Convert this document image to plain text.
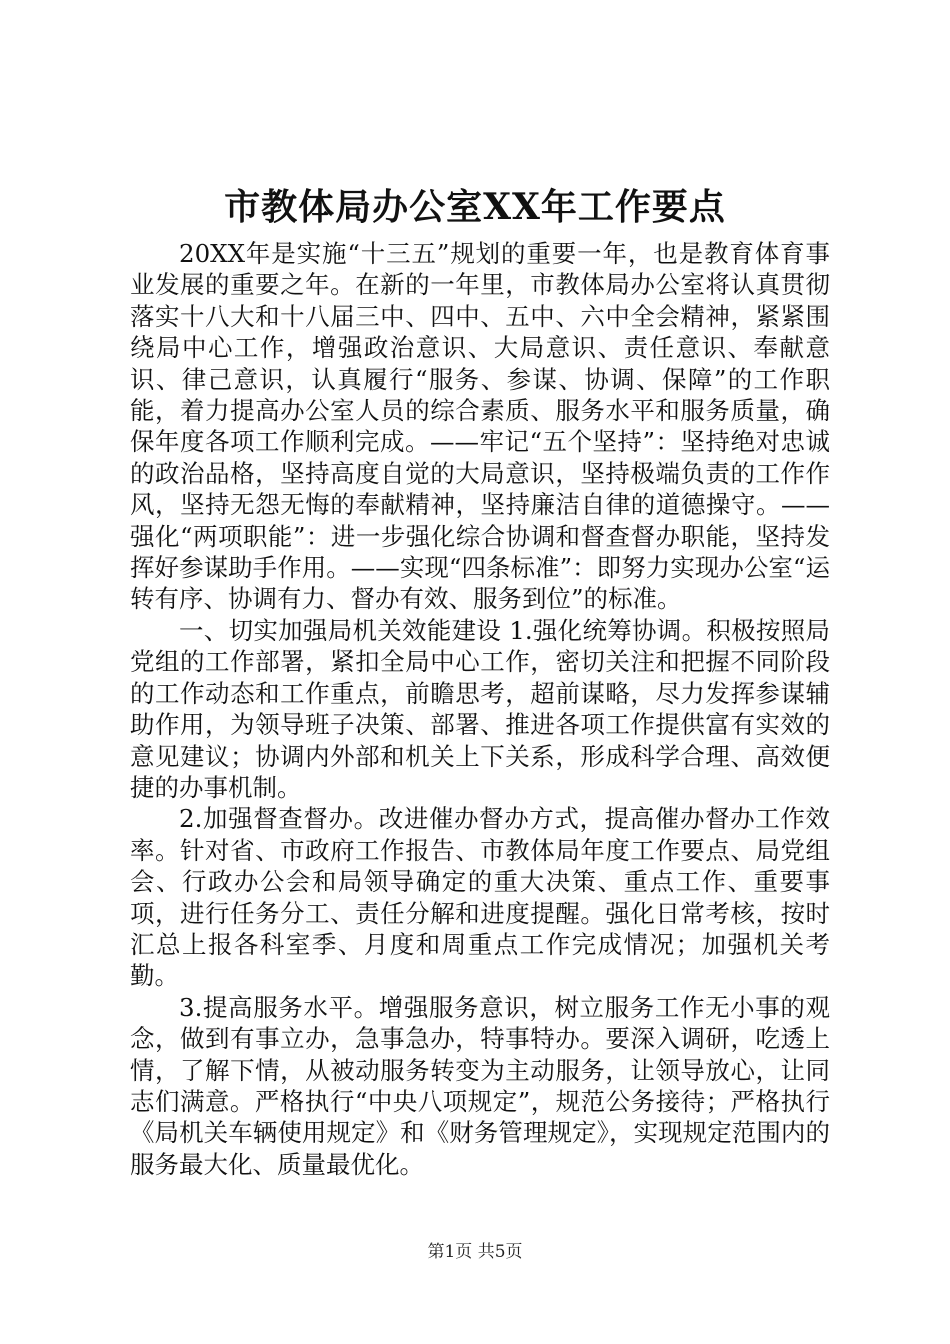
市教体局办公室XX年工作要点

20XX年是实施“十三五”规划的重要一年，也是教育体育事业发展的重要之年。在新的一年里，市教体局办公室将认真贯彻落实十八大和十八届三中、四中、五中、六中全会精神，紧紧围绕局中心工作，增强政治意识、大局意识、责任意识、奉献意识、律己意识，认真履行“服务、参谋、协调、保障”的工作职能，着力提高办公室人员的综合素质、服务水平和服务质量，确保年度各项工作顺利完成。——牢记“五个坚持”：坚持绝对忠诚的政治品格，坚持高度自觉的大局意识，坚持极端负责的工作作风，坚持无怨无悔的奉献精神，坚持廉洁自律的道德操守。——强化“两项职能”：进一步强化综合协调和督查督办职能，坚持发挥好参谋助手作用。——实现“四条标准”：即努力实现办公室“运转有序、协调有力、督办有效、服务到位”的标准。

一、切实加强局机关效能建设 1.强化统筹协调。积极按照局党组的工作部署，紧扣全局中心工作，密切关注和把握不同阶段的工作动态和工作重点，前瞻思考，超前谋略，尽力发挥参谋辅助作用，为领导班子决策、部署、推进各项工作提供富有实效的意见建议；协调内外部和机关上下关系，形成科学合理、高效便捷的办事机制。

2.加强督查督办。改进催办督办方式，提高催办督办工作效率。针对省、市政府工作报告、市教体局年度工作要点、局党组会、行政办公会和局领导确定的重大决策、重点工作、重要事项，进行任务分工、责任分解和进度提醒。强化日常考核，按时汇总上报各科室季、月度和周重点工作完成情况；加强机关考勤。

3.提高服务水平。增强服务意识，树立服务工作无小事的观念，做到有事立办，急事急办，特事特办。要深入调研，吃透上情，了解下情，从被动服务转变为主动服务，让领导放心，让同志们满意。严格执行“中央八项规定”，规范公务接待；严格执行《局机关车辆使用规定》和《财务管理规定》，实现规定范围内的服务最大化、质量最优化。

第1页 共5页
